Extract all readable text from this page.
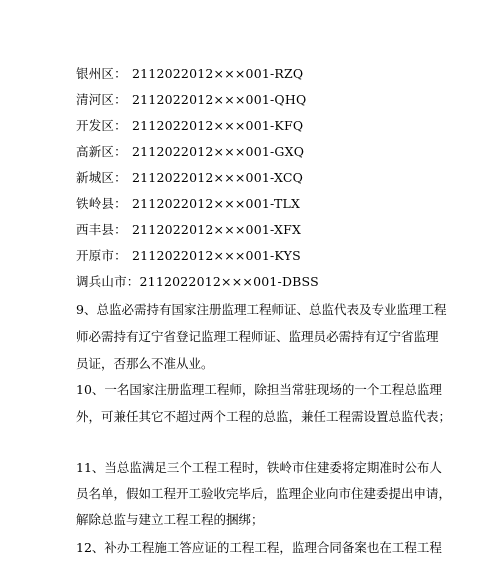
银州区： 2112022012×××001-RZQ
清河区： 2112022012×××001-QHQ
开发区： 2112022012×××001-KFQ
高新区： 2112022012×××001-GXQ
新城区： 2112022012×××001-XCQ
铁岭县： 2112022012×××001-TLX
西丰县： 2112022012×××001-XFX
开原市： 2112022012×××001-KYS
调兵山市：2112022012×××001-DBSS
9、总监必需持有国家注册监理工程师证、总监代表及专业监理工程
师必需持有辽宁省登记监理工程师证、监理员必需持有辽宁省监理
员证，否那么不准从业。
10、一名国家注册监理工程师，除担当常驻现场的一个工程总监理
外，可兼任其它不超过两个工程的总监，兼任工程需设置总监代表；
11、当总监满足三个工程工程时，铁岭市住建委将定期准时公布人
员名单，假如工程开工验收完毕后，监理企业向市住建委提出申请，
解除总监与建立工程工程的捆绑；
12、补办工程施工答应证的工程工程，监理合同备案也在工程工程
